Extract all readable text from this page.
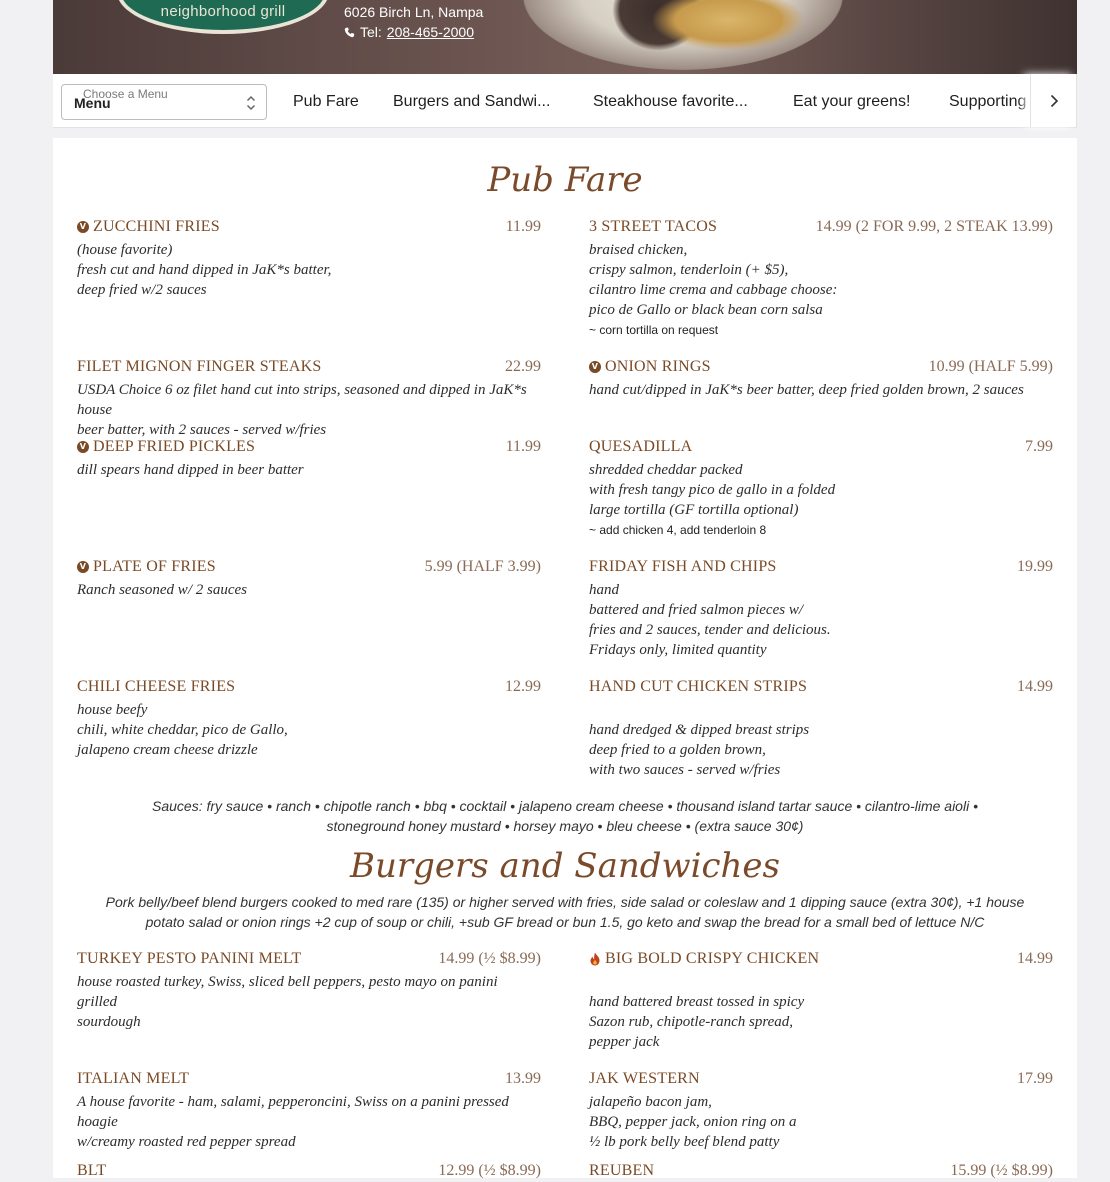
neighborhood grill	6026 Birch Ln, Nampa
Tel: 208-465-2000
Choose a Menu
Menu	Pub Fare Burgers and Sandwi...	Steakhouse favorite...	Eat your greens! Supporting
Pub Fare
V ZUCCHINI FRIES	11.99
(house favorite)
fresh cut and hand dipped in JaK*s batter,
deep fried w/2 sauces
3 STREET TACOS	14.99 (2 FOR 9.99, 2 STEAK 13.99)
braised chicken,
crispy salmon, tenderloin (+ $5),
cilantro lime crema and cabbage choose:
pico de Gallo or black bean corn salsa
~ corn tortilla on request
FILET MIGNON FINGER STEAKS	22.99
USDA Choice 6 oz filet hand cut into strips, seasoned and dipped in JaK*s house
beer batter, with 2 sauces - served w/fries
V ONION RINGS	10.99 (HALF 5.99)
hand cut/dipped in JaK*s beer batter, deep fried golden brown, 2 sauces
V DEEP FRIED PICKLES	11.99
dill spears hand dipped in beer batter
QUESADILLA	7.99
shredded cheddar packed
with fresh tangy pico de gallo in a folded
large tortilla (GF tortilla optional)
~ add chicken 4, add tenderloin 8
V PLATE OF FRIES	5.99 (HALF 3.99)
Ranch seasoned w/ 2 sauces
FRIDAY FISH AND CHIPS	19.99
hand
battered and fried salmon pieces w/
fries and 2 sauces, tender and delicious.
Fridays only, limited quantity
CHILI CHEESE FRIES	12.99
house beefy
chili, white cheddar, pico de Gallo,
jalapeno cream cheese drizzle
HAND CUT CHICKEN STRIPS	14.99
hand dredged & dipped breast strips
deep fried to a golden brown,
with two sauces - served w/fries
Sauces: fry sauce • ranch • chipotle ranch • bbq • cocktail • jalapeno cream cheese • thousand island tartar sauce • cilantro-lime aioli •
stoneground honey mustard • horsey mayo • bleu cheese • (extra sauce 30¢)
Burgers and Sandwiches
Pork belly/beef blend burgers cooked to med rare (135) or higher served with fries, side salad or coleslaw and 1 dipping sauce (extra 30¢), +1 house
potato salad or onion rings +2 cup of soup or chili, +sub GF bread or bun 1.5, go keto and swap the bread for a small bed of lettuce N/C
TURKEY PESTO PANINI MELT	14.99 (½ $8.99)
house roasted turkey, Swiss, sliced bell peppers, pesto mayo on panini grilled
sourdough
BIG BOLD CRISPY CHICKEN	14.99
hand battered breast tossed in spicy
Sazon rub, chipotle-ranch spread,
pepper jack
ITALIAN MELT	13.99
A house favorite - ham, salami, pepperoncini, Swiss on a panini pressed hoagie
w/creamy roasted red pepper spread
JAK WESTERN	17.99
jalapeño bacon jam,
BBQ, pepper jack, onion ring on a
½ lb pork belly beef blend patty
BLT	12.99 (½ $8.99)	REUBEN	15.99 (½ $8.99)
